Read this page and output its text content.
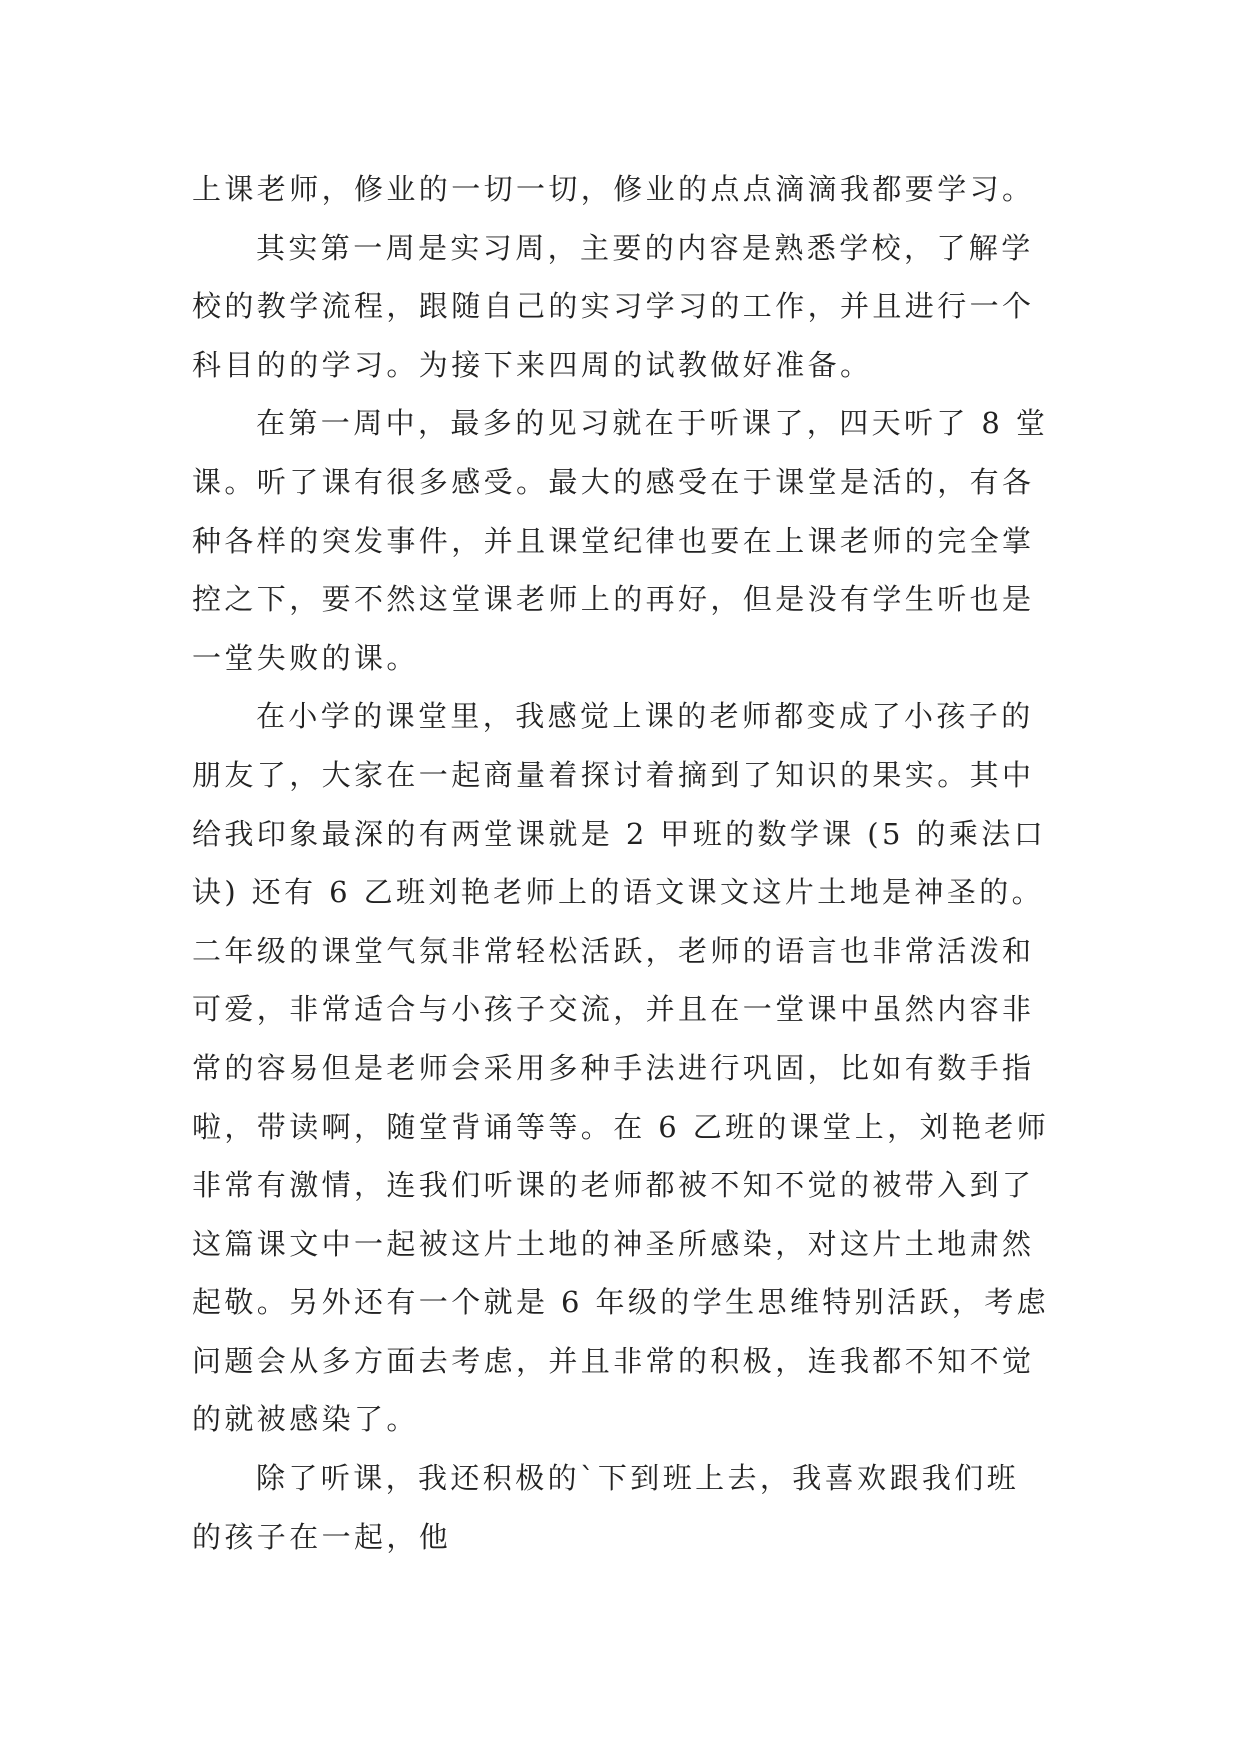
上课老师，修业的一切一切，修业的点点滴滴我都要学习。
其实第一周是实习周，主要的内容是熟悉学校，了解学
校的教学流程，跟随自己的实习学习的工作，并且进行一个
科目的的学习。为接下来四周的试教做好准备。
在第一周中，最多的见习就在于听课了，四天听了 8 堂
课。听了课有很多感受。最大的感受在于课堂是活的，有各
种各样的突发事件，并且课堂纪律也要在上课老师的完全掌
控之下，要不然这堂课老师上的再好，但是没有学生听也是
一堂失败的课。
在小学的课堂里，我感觉上课的老师都变成了小孩子的
朋友了，大家在一起商量着探讨着摘到了知识的果实。其中
给我印象最深的有两堂课就是 2 甲班的数学课 (5 的乘法口
诀) 还有 6 乙班刘艳老师上的语文课文这片土地是神圣的。
二年级的课堂气氛非常轻松活跃，老师的语言也非常活泼和
可爱，非常适合与小孩子交流，并且在一堂课中虽然内容非
常的容易但是老师会采用多种手法进行巩固，比如有数手指
啦，带读啊，随堂背诵等等。在 6 乙班的课堂上，刘艳老师
非常有激情，连我们听课的老师都被不知不觉的被带入到了
这篇课文中一起被这片土地的神圣所感染，对这片土地肃然
起敬。另外还有一个就是 6 年级的学生思维特别活跃，考虑
问题会从多方面去考虑，并且非常的积极，连我都不知不觉
的就被感染了。
除了听课，我还积极的`下到班上去，我喜欢跟我们班
的孩子在一起，他
